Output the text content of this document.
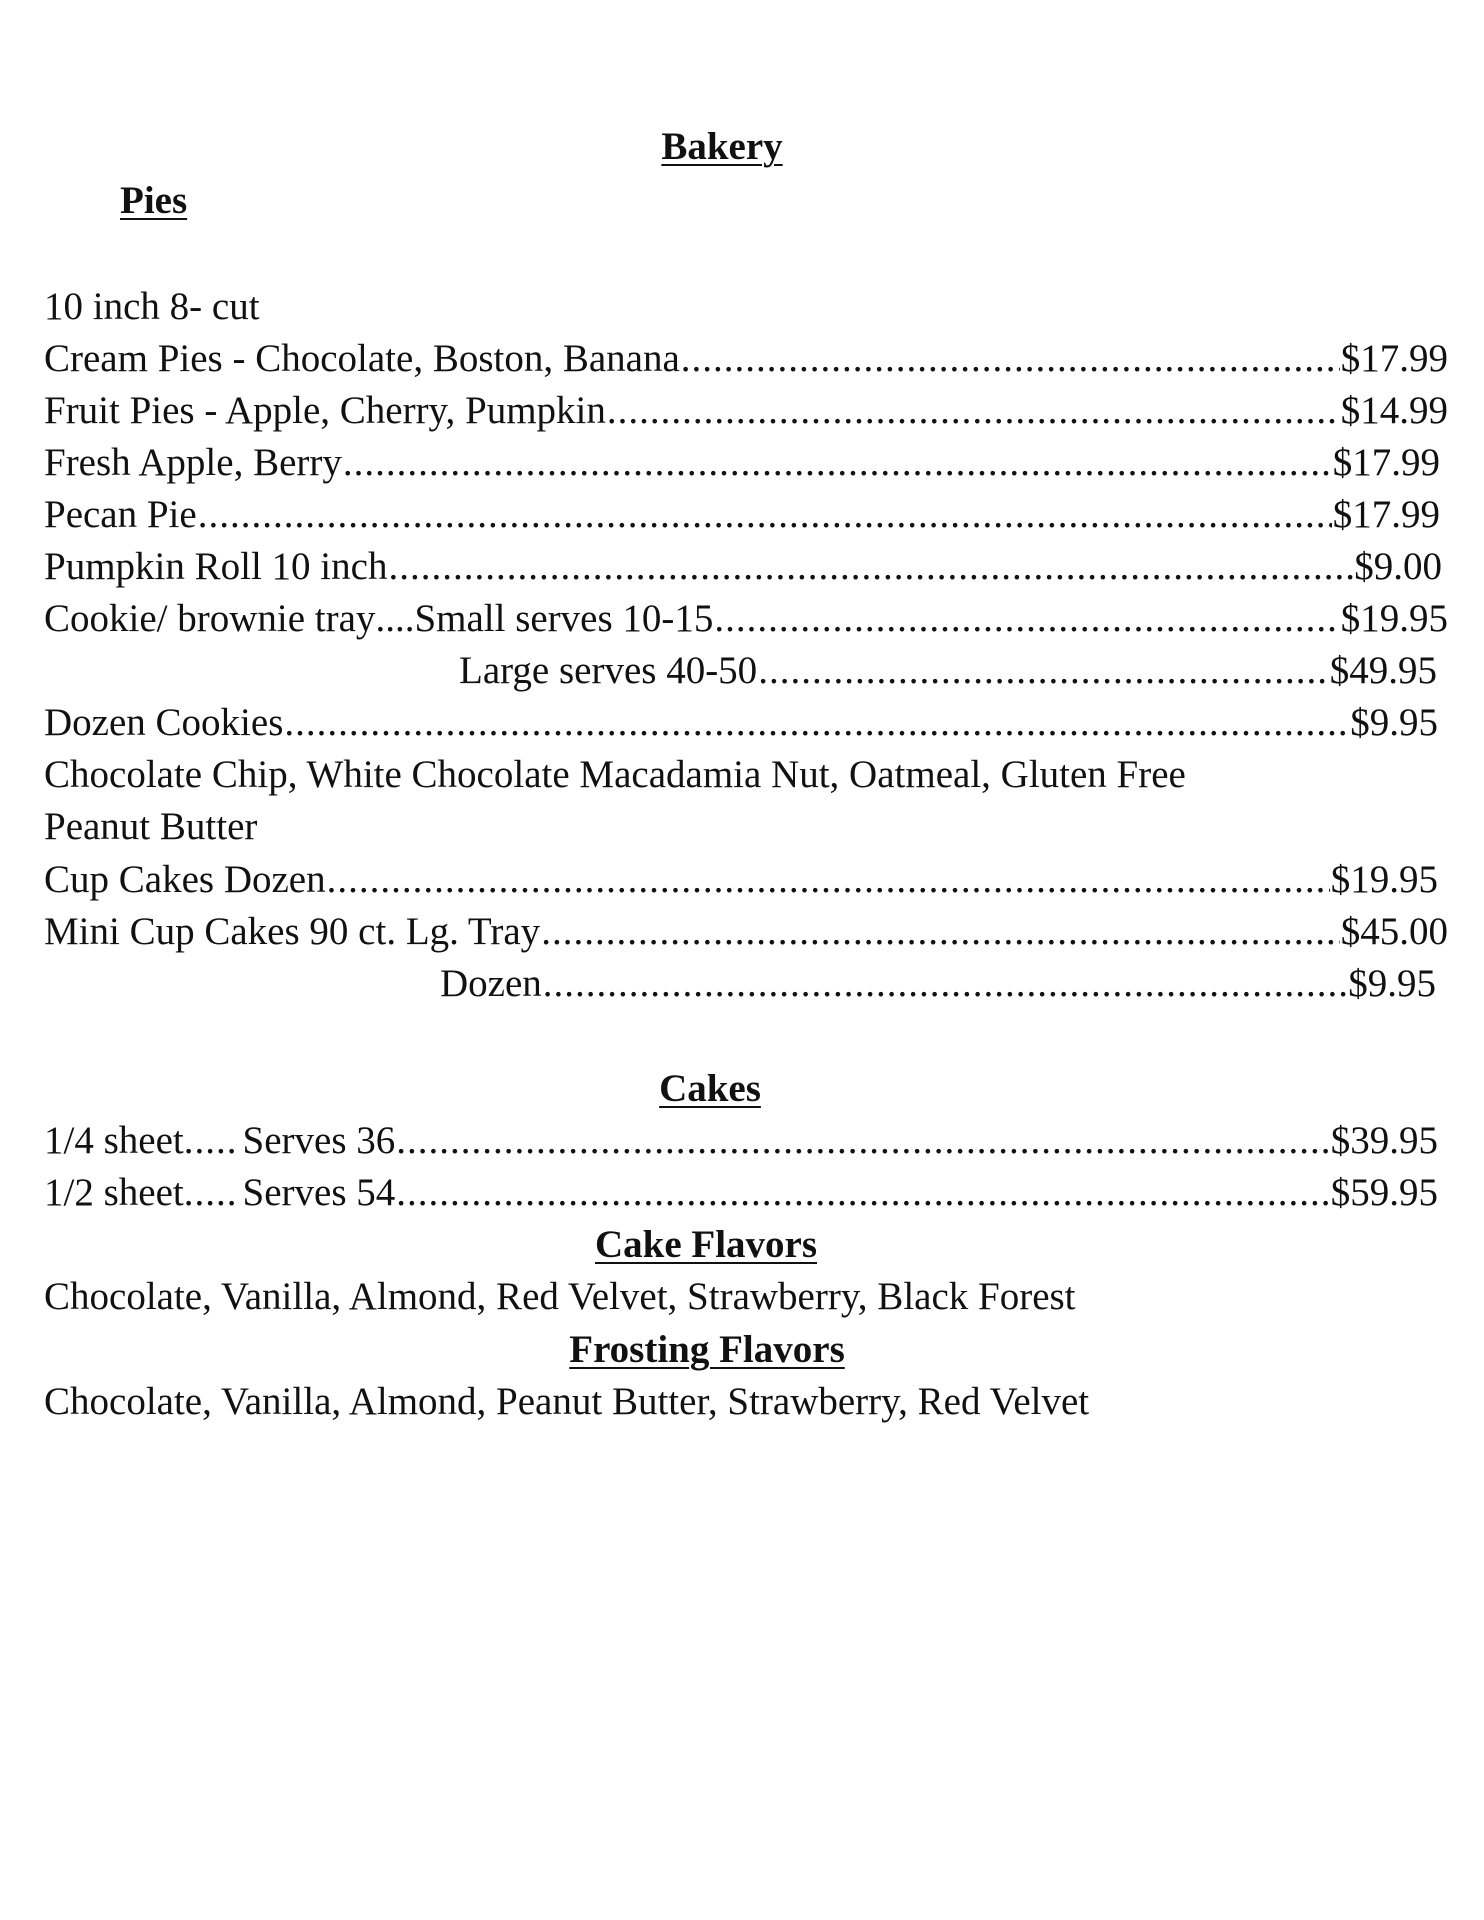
Bakery
Pies
10 inch 8- cut
Cream Pies - Chocolate, Boston, Banana .....	$17.99
Fruit Pies - Apple, Cherry, Pumpkin .....	$14.99
Fresh Apple, Berry .....	$17.99
Pecan Pie .....	$17.99
Pumpkin Roll 10 inch .....	$9.00
Cookie/ brownie tray .... Small serves 10-15 .....	$19.95
Large serves 40-50 .....	$49.95
Dozen Cookies .....	$9.95
Chocolate Chip, White Chocolate Macadamia Nut, Oatmeal, Gluten Free
Peanut Butter
Cup Cakes Dozen .....	$19.95
Mini Cup Cakes 90 ct. Lg. Tray .....	$45.00
Dozen .....	$9.95
Cakes
1/4 sheet ..... Serves 36 .....	$39.95
1/2 sheet ..... Serves 54 .....	$59.95
Cake Flavors
Chocolate, Vanilla, Almond, Red Velvet, Strawberry, Black Forest
Frosting Flavors
Chocolate, Vanilla, Almond, Peanut Butter, Strawberry, Red Velvet
